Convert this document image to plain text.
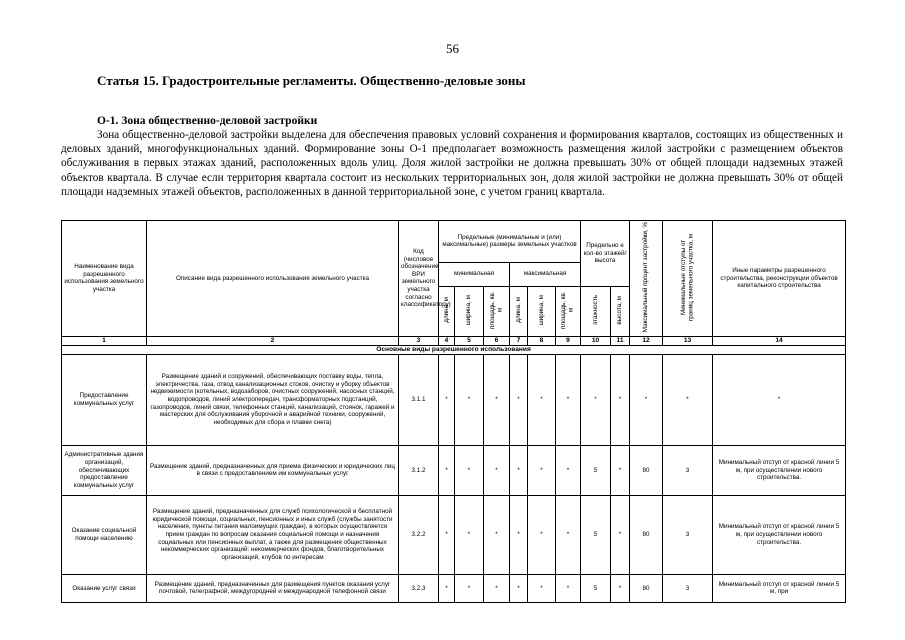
56
Статья 15. Градостроительные регламенты. Общественно-деловые зоны
О-1. Зона общественно-деловой застройки
Зона общественно-деловой застройки выделена для обеспечения правовых условий сохранения и формирования кварталов, состоящих из общественных и деловых зданий, многофункциональных зданий. Формирование зоны О-1 предполагает возможность размещения жилой застройки с размещением объектов обслуживания в первых этажах зданий, расположенных вдоль улиц. Доля жилой застройки не должна превышать 30% от общей площади надземных этажей объектов квартала. В случае если территория квартала состоит из нескольких территориальных зон, доля жилой застройки не должна превышать 30% от общей площади надземных этажей объектов, расположенных в данной территориальной зоне, с учетом границ квартала.
Наименование вида разрешенного использования земельного участка	Описание вида разрешенного использования земельного участка	Код (числовое обозначение ВРИ земельного участка согласно классификатору)	Предельные (минимальные и (или) максимальные) размеры земельных участков						Предельно е кол-во этажей/ высота		Максимальный процент застройки, %	Минимальные отступы от границ земельного участка, м	Иные параметры разрешенного строительства, реконструкции объектов капитального строительства
			минимальная			максимальная							
			длина, м	ширина, м	площадь, кв. м	длина, м	ширина, м	площадь, кв. м	этажность	высота, м			
1	2	3	4	5	6	7	8	9	10	11	12	13	14
Основные виды разрешенного использования													
Предоставление коммунальных услуг	Размещение зданий и сооружений, обеспечивающих поставку воды, тепла, электричества, газа, отвод канализационных стоков, очистку и уборку объектов недвижимости (котельных, водозаборов, очистных сооружений, насосных станций, водопроводов, линий электропередач, трансформаторных подстанций, газопроводов, линий связи, телефонных станций, канализаций, стоянок, гаражей и мастерских для обслуживания уборочной и аварийной техники, сооружений, необходимых для сбора и плавки снега)	3.1.1	*	*	*	*	*	*	*	*	*	*	*
Административные здания организаций, обеспечивающих предоставление коммунальных услуг	Размещение зданий, предназначенных для приема физических и юридических лиц в связи с предоставлением им коммунальных услуг	3.1.2	*	*	*	*	*	*	5	*	80	3	Минимальный отступ от красной линии 5 м, при осуществлении нового строительства.
Оказание социальной помощи населению	Размещение зданий, предназначенных для служб психологической и бесплатной юридической помощи, социальных, пенсионных и иных служб (службы занятости населения, пункты питания малоимущих граждан), в которых осуществляется прием граждан по вопросам оказания социальной помощи и назначения социальных или пенсионных выплат, а также для размещения общественных некоммерческих организаций: некоммерческих фондов, благотворительных организаций, клубов по интересам	3.2.2	*	*	*	*	*	*	5	*	80	3	Минимальный отступ от красной линии 5 м, при осуществлении нового строительства.
Оказание услуг связи	Размещение зданий, предназначенных для размещения пунктов оказания услуг почтовой, телеграфной, междугородней и международной телефонной связи	3.2.3	*	*	*	*	*	*	5	*	80	3	Минимальный отступ от красной линии 5 м, при
